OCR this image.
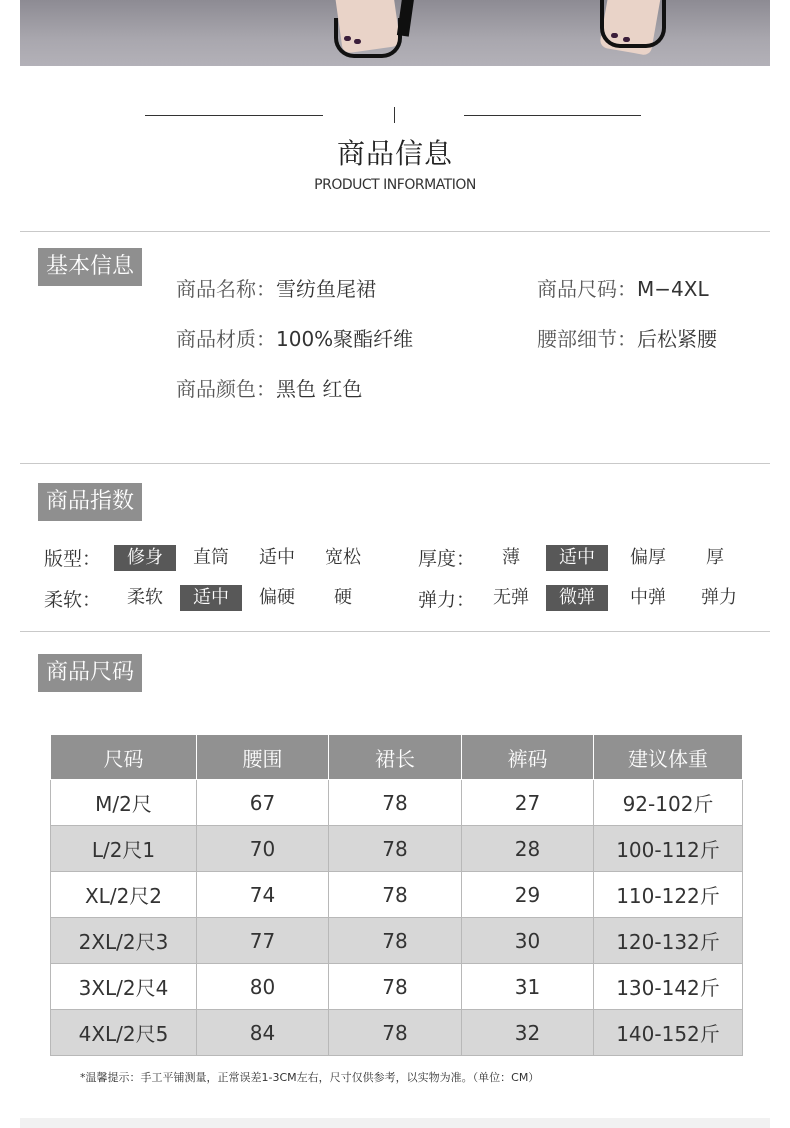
商品信息
PRODUCT INFORMATION
基本信息
商品名称：雪纺鱼尾裙	商品尺码：M−4XL
商品材质：100%聚酯纤维	腰部细节：后松紧腰
商品颜色：黑色 红色
商品指数
版型：	修身	直筒	适中	宽松	厚度：	薄	适中	偏厚	厚
柔软：	柔软	适中	偏硬	硬	弹力： 无弹	微弹	中弹	弹力
商品尺码
尺码	腰围	裙长	裤码	建议体重
M/2尺	67	78	27	92-102斤
L/2尺1	70	78	28	100-112斤
XL/2尺2	74	78	29	110-122斤
2XL/2尺3	77	78	30	120-132斤
3XL/2尺4	80	78	31	130-142斤
4XL/2尺5	84	78	32	140-152斤
*温馨提示：手工平铺测量，正常误差1-3CM左右，尺寸仅供参考，以实物为准。（单位：CM）
